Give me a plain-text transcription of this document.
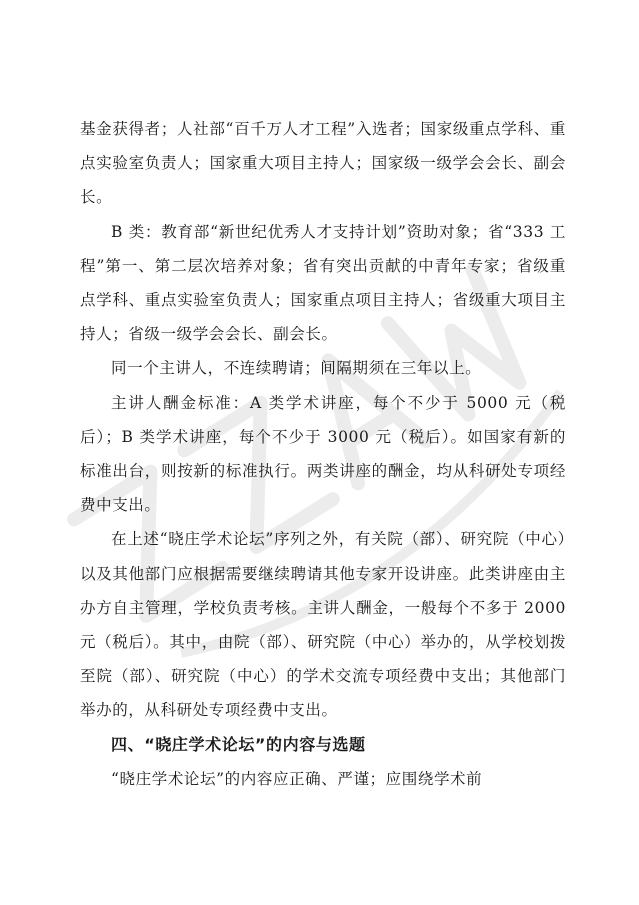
基金获得者；人社部“百千万人才工程”入选者；国家级重点学科、重点实验室负责人；国家重大项目主持人；国家级一级学会会长、副会长。

B 类：教育部“新世纪优秀人才支持计划”资助对象；省“333 工程”第一、第二层次培养对象；省有突出贡献的中青年专家；省级重点学科、重点实验室负责人；国家重点项目主持人；省级重大项目主持人；省级一级学会会长、副会长。

同一个主讲人，不连续聘请；间隔期须在三年以上。

主讲人酬金标准：A 类学术讲座，每个不少于 5000 元（税后）；B 类学术讲座，每个不少于 3000 元（税后）。如国家有新的标准出台，则按新的标准执行。两类讲座的酬金，均从科研处专项经费中支出。

在上述“晓庄学术论坛”序列之外，有关院（部）、研究院（中心）以及其他部门应根据需要继续聘请其他专家开设讲座。此类讲座由主办方自主管理，学校负责考核。主讲人酬金，一般每个不多于 2000 元（税后）。其中，由院（部）、研究院（中心）举办的，从学校划拨至院（部）、研究院（中心）的学术交流专项经费中支出；其他部门举办的，从科研处专项经费中支出。

四、“晓庄学术论坛”的内容与选题

“晓庄学术论坛”的内容应正确、严谨；应围绕学术前
